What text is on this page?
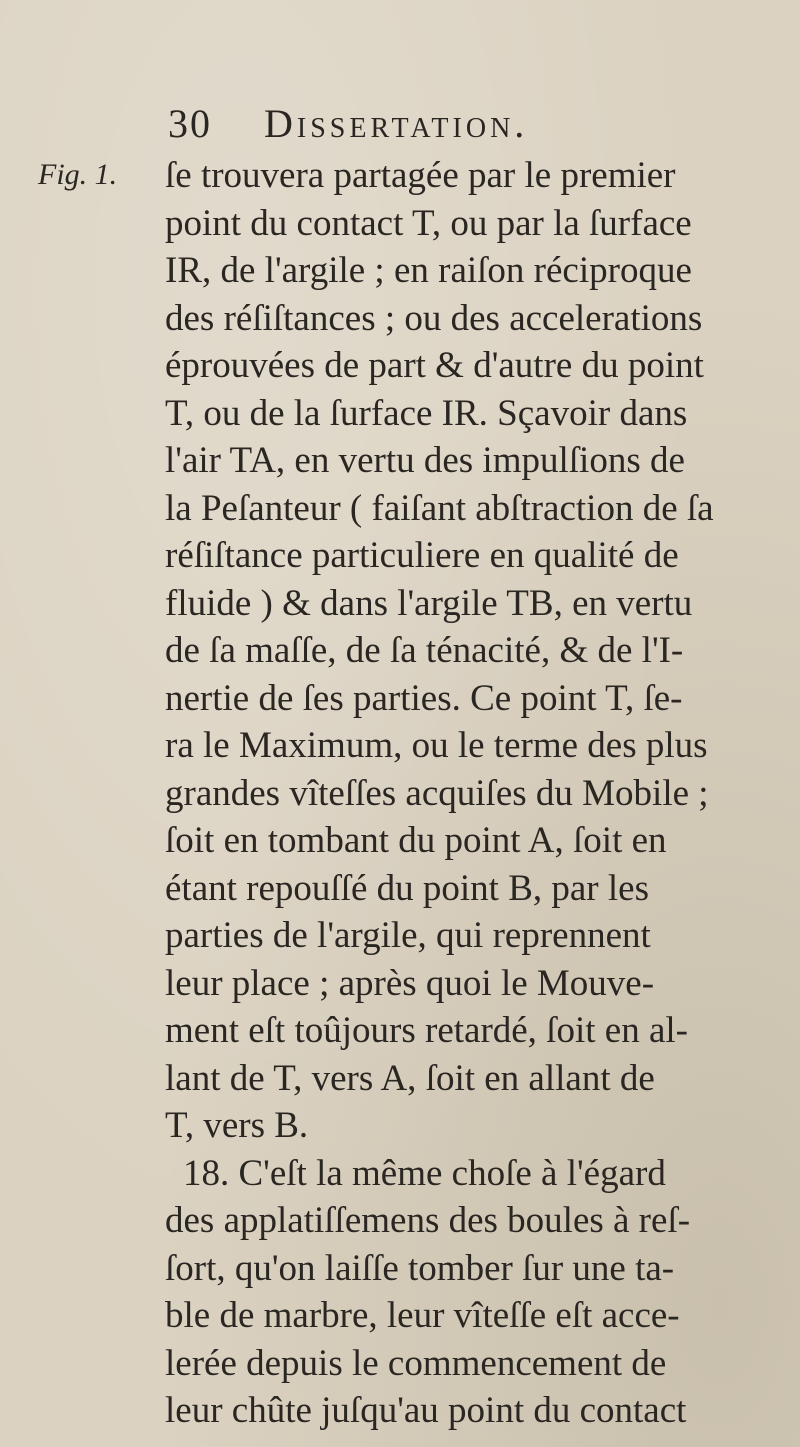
30 Dissertation.
Fig. 1. ſe trouvera partagée par le premier
point du contact T, ou par la ſurface
IR, de l'argile ; en raiſon réciproque
des réſiſtances ; ou des accelerations
éprouvées de part & d'autre du point
T, ou de la ſurface IR. Sçavoir dans
l'air TA, en vertu des impulſions de
la Peſanteur ( faiſant abſtraction de ſa
réſiſtance particuliere en qualité de
fluide ) & dans l'argile TB, en vertu
de ſa maſſe, de ſa ténacité, & de l'I-
nertie de ſes parties. Ce point T, ſe-
ra le Maximum, ou le terme des plus
grandes vîteſſes acquiſes du Mobile ;
ſoit en tombant du point A, ſoit en
étant repouſſé du point B, par les
parties de l'argile, qui reprennent
leur place ; après quoi le Mouve-
ment eſt toûjours retardé, ſoit en al-
lant de T, vers A, ſoit en allant de
T, vers B.
18. C'eſt la même choſe à l'égard
des applatiſſemens des boules à reſ-
ſort, qu'on laiſſe tomber ſur une ta-
ble de marbre, leur vîteſſe eſt acce-
lerée depuis le commencement de
leur chûte juſqu'au point du contact
